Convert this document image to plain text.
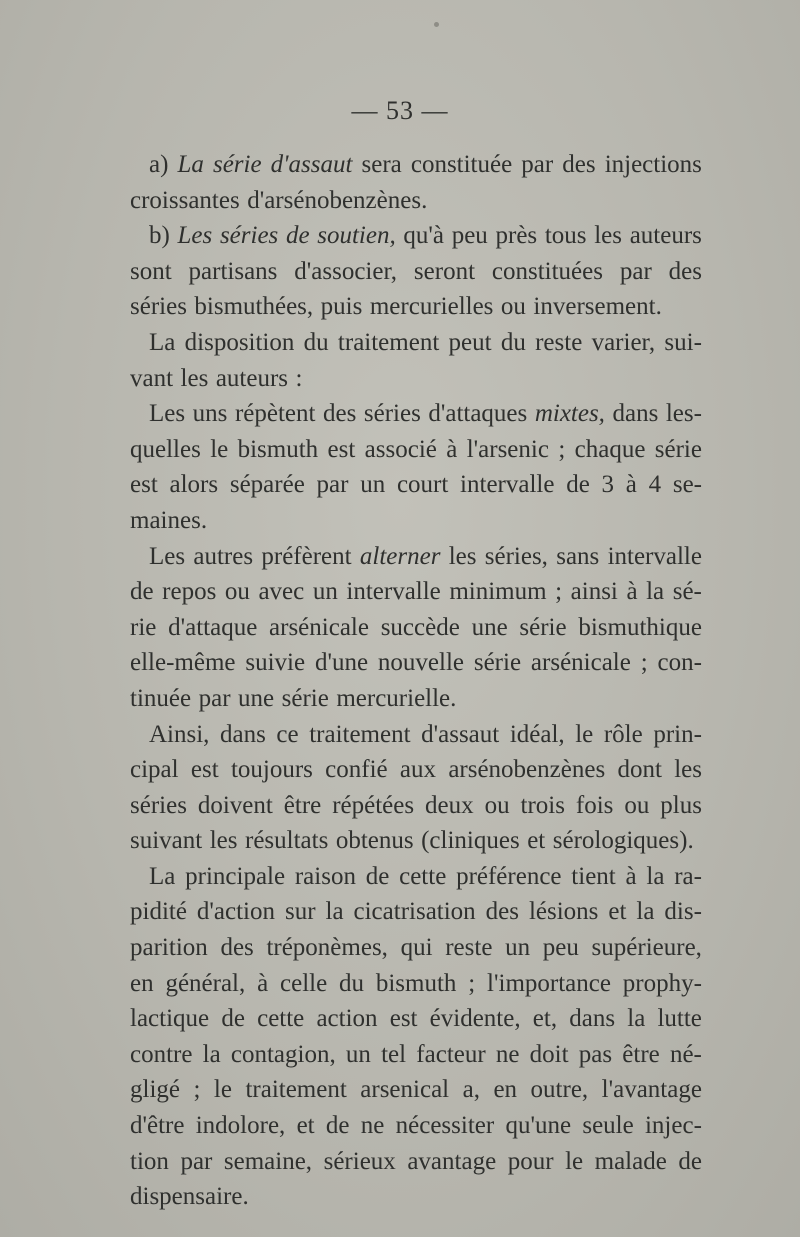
— 53 —
a) La série d'assaut sera constituée par des injections
croissantes d'arsénobenzènes.
b) Les séries de soutien, qu'à peu près tous les auteurs
sont partisans d'associer, seront constituées par des
séries bismuthées, puis mercurielles ou inversement.
La disposition du traitement peut du reste varier, sui-
vant les auteurs :
Les uns répètent des séries d'attaques mixtes, dans les-
quelles le bismuth est associé à l'arsenic ; chaque série
est alors séparée par un court intervalle de 3 à 4 se-
maines.
Les autres préfèrent alterner les séries, sans intervalle
de repos ou avec un intervalle minimum ; ainsi à la sé-
rie d'attaque arsénicale succède une série bismuthique
elle-même suivie d'une nouvelle série arsénicale ; con-
tinuée par une série mercurielle.
Ainsi, dans ce traitement d'assaut idéal, le rôle prin-
cipal est toujours confié aux arsénobenzènes dont les
séries doivent être répétées deux ou trois fois ou plus
suivant les résultats obtenus (cliniques et sérologiques).
La principale raison de cette préférence tient à la ra-
pidité d'action sur la cicatrisation des lésions et la dis-
parition des tréponèmes, qui reste un peu supérieure,
en général, à celle du bismuth ; l'importance prophy-
lactique de cette action est évidente, et, dans la lutte
contre la contagion, un tel facteur ne doit pas être né-
gligé ; le traitement arsenical a, en outre, l'avantage
d'être indolore, et de ne nécessiter qu'une seule injec-
tion par semaine, sérieux avantage pour le malade de
dispensaire.
